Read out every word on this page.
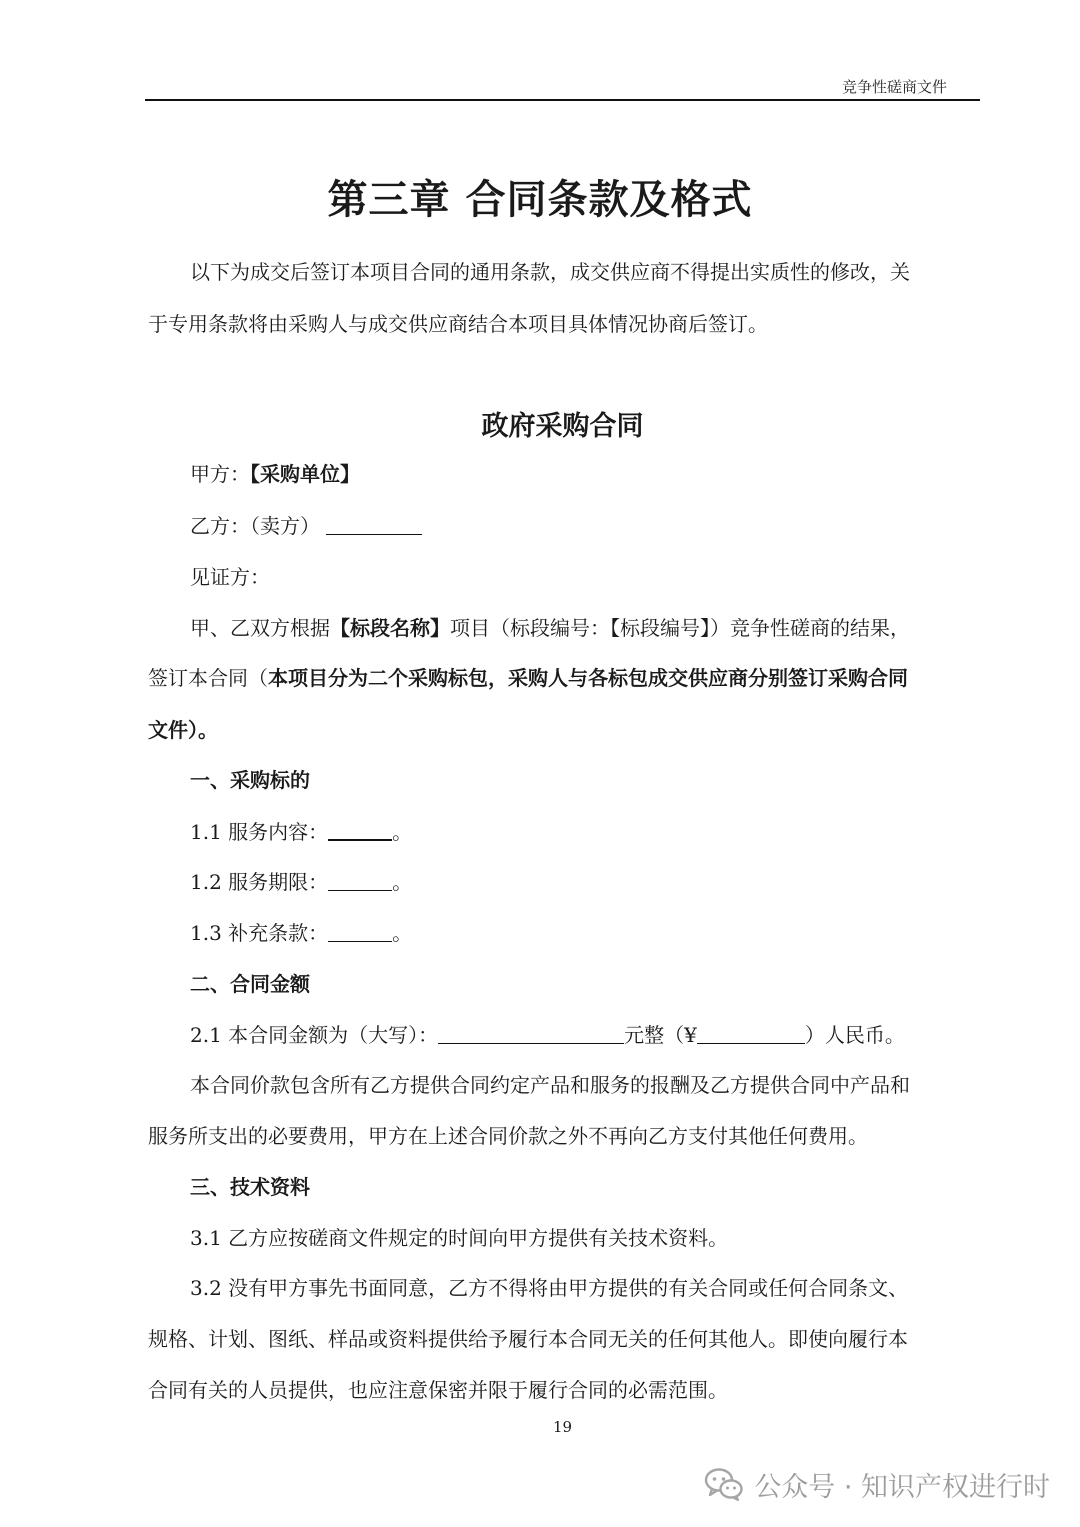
竞争性磋商文件
第三章 合同条款及格式
以下为成交后签订本项目合同的通用条款，成交供应商不得提出实质性的修改，关
于专用条款将由采购人与成交供应商结合本项目具体情况协商后签订。
政府采购合同
甲方：【采购单位】
乙方：（卖方）
见证方：
甲、乙双方根据【标段名称】项目（标段编号：【标段编号】）竞争性磋商的结果，
签订本合同（本项目分为二个采购标包，采购人与各标包成交供应商分别签订采购合同
文件）。
一、采购标的
1.1 服务内容：	。
1.2 服务期限：	。
1.3 补充条款：	。
二、合同金额
2.1 本合同金额为（大写）：	元整（¥	）人民币。
本合同价款包含所有乙方提供合同约定产品和服务的报酬及乙方提供合同中产品和
服务所支出的必要费用，甲方在上述合同价款之外不再向乙方支付其他任何费用。
三、技术资料
3.1 乙方应按磋商文件规定的时间向甲方提供有关技术资料。
3.2 没有甲方事先书面同意，乙方不得将由甲方提供的有关合同或任何合同条文、
规格、计划、图纸、样品或资料提供给予履行本合同无关的任何其他人。即使向履行本
合同有关的人员提供，也应注意保密并限于履行合同的必需范围。
19
公众号 · 知识产权进行时
